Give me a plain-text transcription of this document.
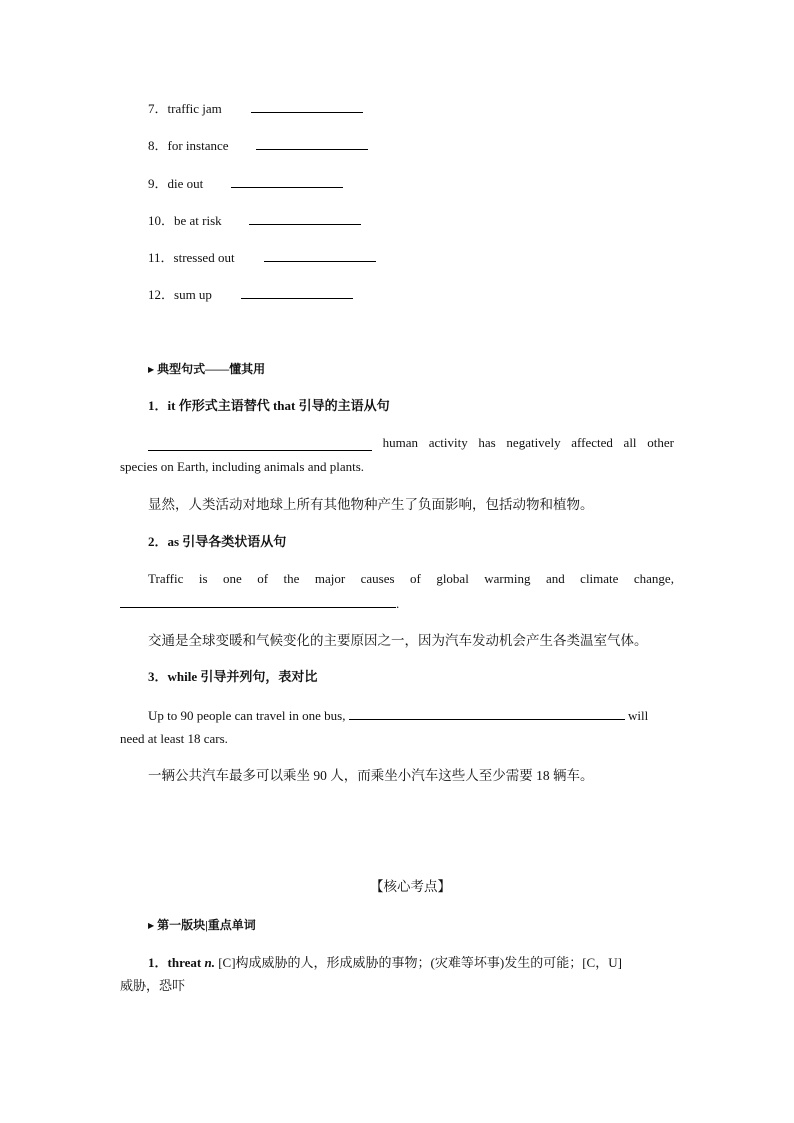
7．traffic jam
8．for instance
9．die out
10．be at risk
11．stressed out
12．sum up
▶ 典型句式——懂其用
1．it 作形式主语替代 that 引导的主语从句
human activity has negatively affected all other
species on Earth, including animals and plants.
显然，人类活动对地球上所有其他物种产生了负面影响，包括动物和植物。
2．as 引导各类状语从句
Traffic is one of the major causes of global warming and climate change,
.
交通是全球变暖和气候变化的主要原因之一，因为汽车发动机会产生各类温室气体。
3．while 引导并列句，表对比
Up to 90 people can travel in one bus,	will
need at least 18 cars.
一辆公共汽车最多可以乘坐 90 人，而乘坐小汽车这些人至少需要 18 辆车。
【核心考点】
▶ 第一版块|重点单词
1．threat n. [C]构成威胁的人，形成威胁的事物；(灾难等坏事)发生的可能；[C，U]
威胁，恐吓
